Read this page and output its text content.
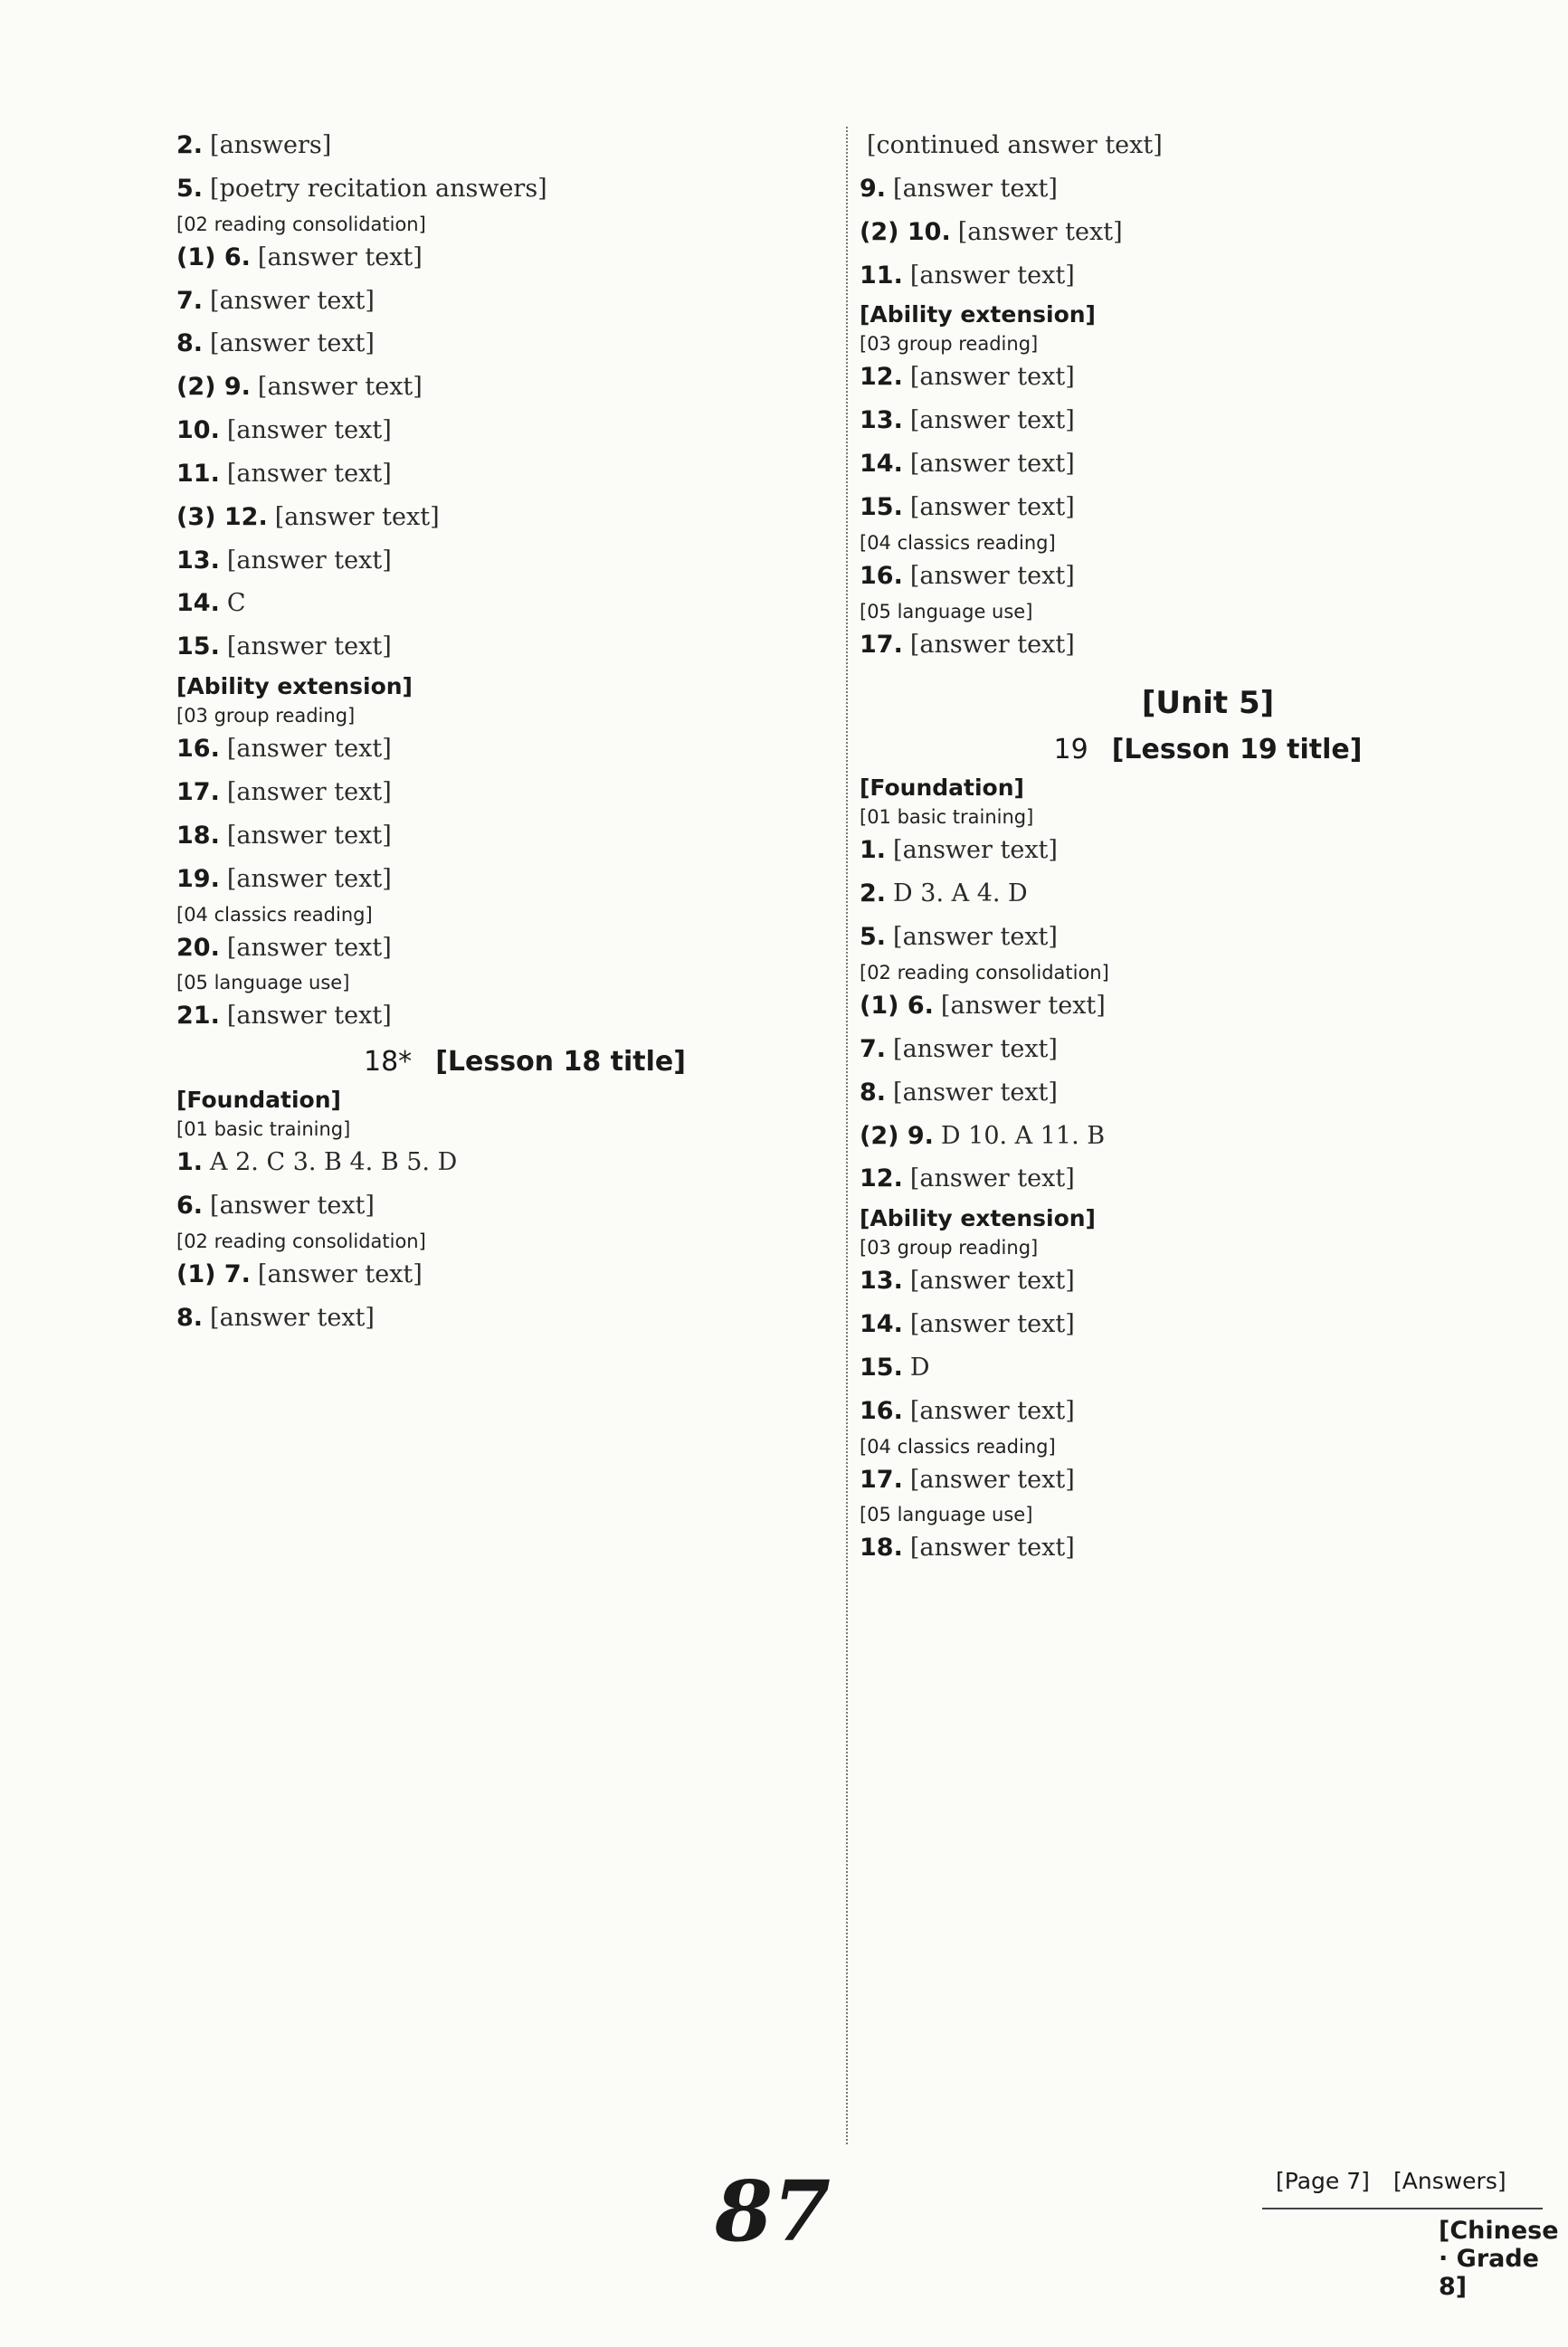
2. [answers]
5. [poetry recitation answers]
[02 reading consolidation]
(1) 6. [answer text]
7. [answer text]
8. [answer text]
(2) 9. [answer text]
10. [answer text]
11. [answer text]
(3) 12. [answer text]
13. [answer text]
14. C
15. [answer text]
[Ability extension]
[03 group reading]
16. [answer text]
17. [answer text]
18. [answer text]
19. [answer text]
[04 classics reading]
20. [answer text]
[05 language use]
21. [answer text]
18* [Lesson 18 title]
[Foundation]
[01 basic training]
1. A 2. C 3. B 4. B 5. D
6. [answer text]
[02 reading consolidation]
(1) 7. [answer text]
8. [answer text]
[continued answer text]
9. [answer text]
(2) 10. [answer text]
11. [answer text]
[Ability extension]
[03 group reading]
12. [answer text]
13. [answer text]
14. [answer text]
15. [answer text]
[04 classics reading]
16. [answer text]
[05 language use]
17. [answer text]
[Unit 5]
19 [Lesson 19 title]
[Foundation]
[01 basic training]
1. [answer text]
2. D 3. A 4. D
5. [answer text]
[02 reading consolidation]
(1) 6. [answer text]
7. [answer text]
8. [answer text]
(2) 9. D 10. A 11. B
12. [answer text]
[Ability extension]
[03 group reading]
13. [answer text]
14. [answer text]
15. D
16. [answer text]
[04 classics reading]
17. [answer text]
[05 language use]
18. [answer text]
87	[Page 7] [Answers]
[Chinese · Grade 8]
